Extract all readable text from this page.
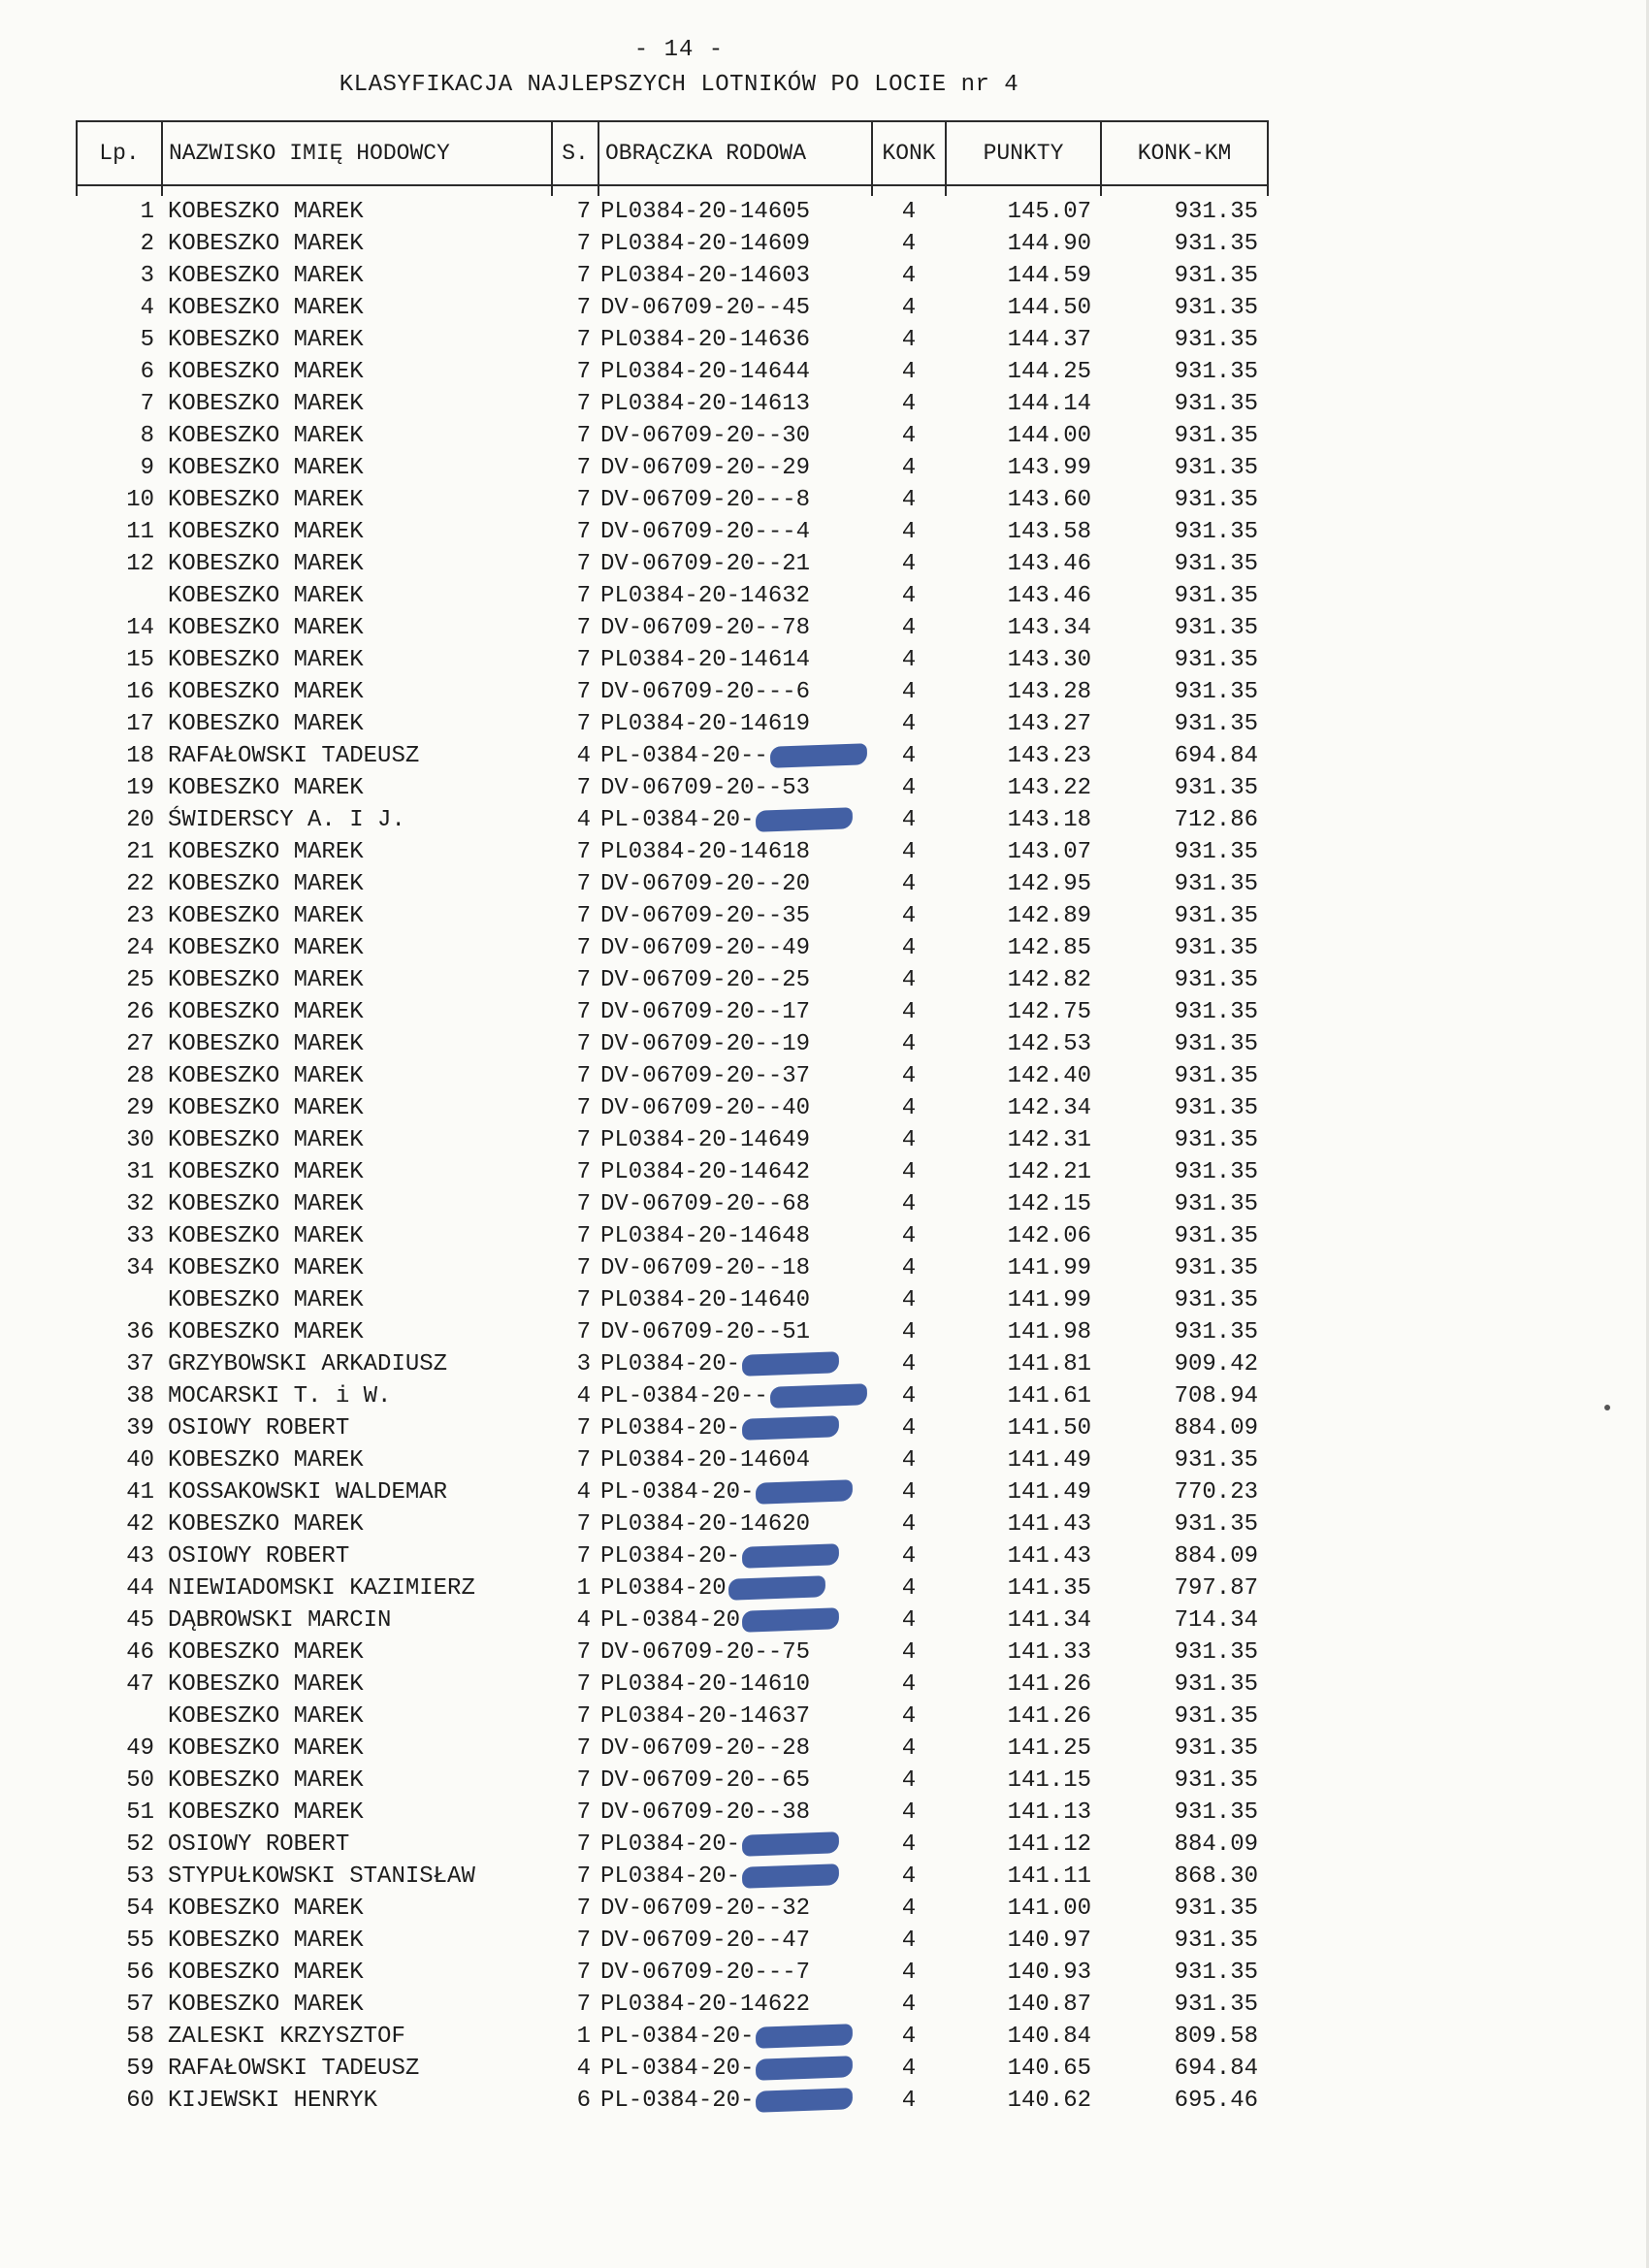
- 14 -
KLASYFIKACJA NAJLEPSZYCH LOTNIKÓW PO LOCIE nr 4
Lp.	NAZWISKO IMIĘ HODOWCY	S.	OBRĄCZKA RODOWA	KONK	PUNKTY	KONK-KM

1	KOBESZKO MAREK	7	PL0384-20-14605	4	145.07	931.35
2	KOBESZKO MAREK	7	PL0384-20-14609	4	144.90	931.35
3	KOBESZKO MAREK	7	PL0384-20-14603	4	144.59	931.35
4	KOBESZKO MAREK	7	DV-06709-20--45	4	144.50	931.35
5	KOBESZKO MAREK	7	PL0384-20-14636	4	144.37	931.35
6	KOBESZKO MAREK	7	PL0384-20-14644	4	144.25	931.35
7	KOBESZKO MAREK	7	PL0384-20-14613	4	144.14	931.35
8	KOBESZKO MAREK	7	DV-06709-20--30	4	144.00	931.35
9	KOBESZKO MAREK	7	DV-06709-20--29	4	143.99	931.35
10	KOBESZKO MAREK	7	DV-06709-20---8	4	143.60	931.35
11	KOBESZKO MAREK	7	DV-06709-20---4	4	143.58	931.35
12	KOBESZKO MAREK	7	DV-06709-20--21	4	143.46	931.35
	KOBESZKO MAREK	7	PL0384-20-14632	4	143.46	931.35
14	KOBESZKO MAREK	7	DV-06709-20--78	4	143.34	931.35
15	KOBESZKO MAREK	7	PL0384-20-14614	4	143.30	931.35
16	KOBESZKO MAREK	7	DV-06709-20---6	4	143.28	931.35
17	KOBESZKO MAREK	7	PL0384-20-14619	4	143.27	931.35
18	RAFAŁOWSKI TADEUSZ	4	PL-0384-20--	4	143.23	694.84
19	KOBESZKO MAREK	7	DV-06709-20--53	4	143.22	931.35
20	ŚWIDERSCY A. I J.	4	PL-0384-20-	4	143.18	712.86
21	KOBESZKO MAREK	7	PL0384-20-14618	4	143.07	931.35
22	KOBESZKO MAREK	7	DV-06709-20--20	4	142.95	931.35
23	KOBESZKO MAREK	7	DV-06709-20--35	4	142.89	931.35
24	KOBESZKO MAREK	7	DV-06709-20--49	4	142.85	931.35
25	KOBESZKO MAREK	7	DV-06709-20--25	4	142.82	931.35
26	KOBESZKO MAREK	7	DV-06709-20--17	4	142.75	931.35
27	KOBESZKO MAREK	7	DV-06709-20--19	4	142.53	931.35
28	KOBESZKO MAREK	7	DV-06709-20--37	4	142.40	931.35
29	KOBESZKO MAREK	7	DV-06709-20--40	4	142.34	931.35
30	KOBESZKO MAREK	7	PL0384-20-14649	4	142.31	931.35
31	KOBESZKO MAREK	7	PL0384-20-14642	4	142.21	931.35
32	KOBESZKO MAREK	7	DV-06709-20--68	4	142.15	931.35
33	KOBESZKO MAREK	7	PL0384-20-14648	4	142.06	931.35
34	KOBESZKO MAREK	7	DV-06709-20--18	4	141.99	931.35
	KOBESZKO MAREK	7	PL0384-20-14640	4	141.99	931.35
36	KOBESZKO MAREK	7	DV-06709-20--51	4	141.98	931.35
37	GRZYBOWSKI ARKADIUSZ	3	PL0384-20-	4	141.81	909.42
38	MOCARSKI T. i W.	4	PL-0384-20--	4	141.61	708.94
39	OSIOWY ROBERT	7	PL0384-20-	4	141.50	884.09
40	KOBESZKO MAREK	7	PL0384-20-14604	4	141.49	931.35
41	KOSSAKOWSKI WALDEMAR	4	PL-0384-20-	4	141.49	770.23
42	KOBESZKO MAREK	7	PL0384-20-14620	4	141.43	931.35
43	OSIOWY ROBERT	7	PL0384-20-	4	141.43	884.09
44	NIEWIADOMSKI KAZIMIERZ	1	PL0384-20	4	141.35	797.87
45	DĄBROWSKI MARCIN	4	PL-0384-20	4	141.34	714.34
46	KOBESZKO MAREK	7	DV-06709-20--75	4	141.33	931.35
47	KOBESZKO MAREK	7	PL0384-20-14610	4	141.26	931.35
	KOBESZKO MAREK	7	PL0384-20-14637	4	141.26	931.35
49	KOBESZKO MAREK	7	DV-06709-20--28	4	141.25	931.35
50	KOBESZKO MAREK	7	DV-06709-20--65	4	141.15	931.35
51	KOBESZKO MAREK	7	DV-06709-20--38	4	141.13	931.35
52	OSIOWY ROBERT	7	PL0384-20-	4	141.12	884.09
53	STYPUŁKOWSKI STANISŁAW	7	PL0384-20-	4	141.11	868.30
54	KOBESZKO MAREK	7	DV-06709-20--32	4	141.00	931.35
55	KOBESZKO MAREK	7	DV-06709-20--47	4	140.97	931.35
56	KOBESZKO MAREK	7	DV-06709-20---7	4	140.93	931.35
57	KOBESZKO MAREK	7	PL0384-20-14622	4	140.87	931.35
58	ZALESKI KRZYSZTOF	1	PL-0384-20-	4	140.84	809.58
59	RAFAŁOWSKI TADEUSZ	4	PL-0384-20-	4	140.65	694.84
60	KIJEWSKI HENRYK	6	PL-0384-20-	4	140.62	695.46
